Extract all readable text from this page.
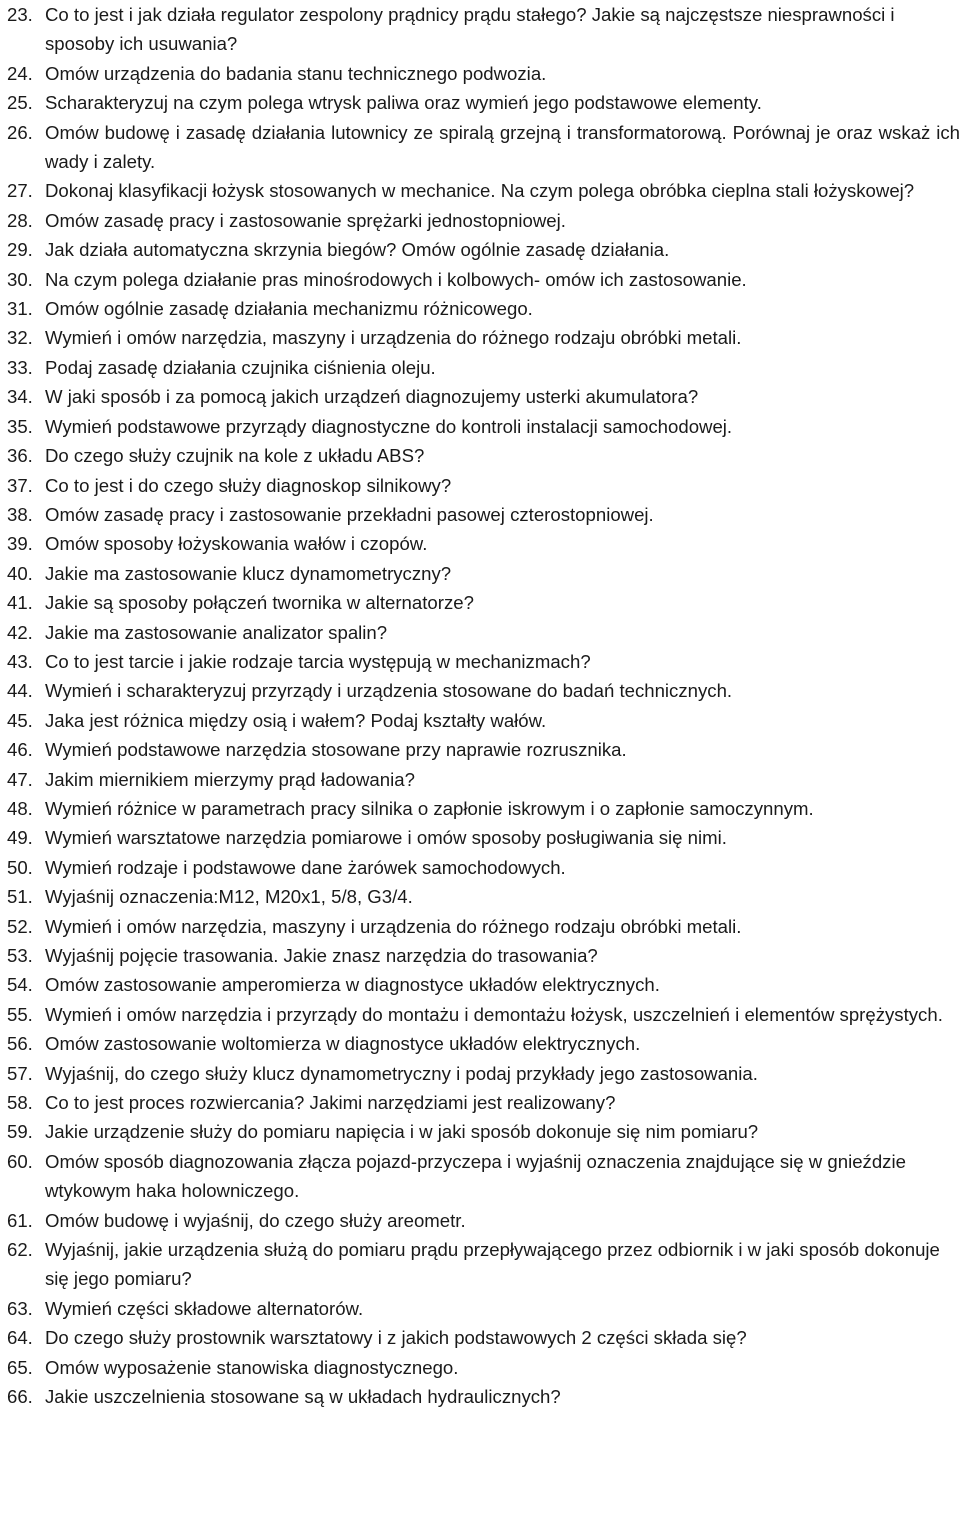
23. Co to jest i jak działa regulator zespolony prądnicy prądu stałego? Jakie są najczęstsze niesprawności i sposoby ich usuwania?
24. Omów urządzenia do badania stanu technicznego podwozia.
25. Scharakteryzuj na czym polega wtrysk paliwa oraz wymień jego podstawowe elementy.
26. Omów budowę i zasadę działania lutownicy ze spiralą grzejną i transformatorową. Porównaj je oraz wskaż ich wady i zalety.
27. Dokonaj klasyfikacji łożysk stosowanych w mechanice. Na czym polega obróbka cieplna stali łożyskowej?
28. Omów zasadę pracy i zastosowanie sprężarki jednostopniowej.
29. Jak działa automatyczna skrzynia biegów? Omów ogólnie zasadę działania.
30. Na czym polega działanie pras minośrodowych i kolbowych- omów ich zastosowanie.
31. Omów ogólnie zasadę działania mechanizmu różnicowego.
32. Wymień i omów narzędzia, maszyny i urządzenia do różnego rodzaju obróbki metali.
33. Podaj zasadę działania czujnika ciśnienia oleju.
34. W jaki sposób i za pomocą jakich urządzeń diagnozujemy usterki akumulatora?
35. Wymień podstawowe przyrządy diagnostyczne do kontroli instalacji samochodowej.
36. Do czego służy czujnik na kole z układu ABS?
37. Co to jest i do czego służy diagnoskop silnikowy?
38. Omów zasadę pracy i zastosowanie przekładni pasowej czterostopniowej.
39. Omów sposoby łożyskowania wałów i czopów.
40. Jakie ma zastosowanie klucz dynamometryczny?
41. Jakie są sposoby połączeń twornika w alternatorze?
42. Jakie ma zastosowanie analizator spalin?
43. Co to jest tarcie i jakie rodzaje tarcia występują w mechanizmach?
44. Wymień i scharakteryzuj przyrządy i urządzenia stosowane do badań technicznych.
45. Jaka jest różnica między osią i wałem? Podaj kształty wałów.
46. Wymień podstawowe narzędzia stosowane przy naprawie rozrusznika.
47. Jakim miernikiem mierzymy prąd ładowania?
48. Wymień różnice w parametrach pracy silnika o zapłonie iskrowym i o zapłonie samoczynnym.
49. Wymień warsztatowe narzędzia pomiarowe i omów sposoby posługiwania się nimi.
50. Wymień rodzaje i podstawowe dane żarówek samochodowych.
51. Wyjaśnij oznaczenia:M12, M20x1, 5/8, G3/4.
52. Wymień i omów narzędzia, maszyny i urządzenia do różnego rodzaju obróbki metali.
53. Wyjaśnij pojęcie trasowania. Jakie znasz narzędzia do trasowania?
54. Omów zastosowanie amperomierza w diagnostyce układów elektrycznych.
55. Wymień i omów narzędzia i przyrządy do montażu i demontażu łożysk, uszczelnień i elementów sprężystych.
56. Omów zastosowanie woltomierza w diagnostyce układów elektrycznych.
57. Wyjaśnij, do czego służy klucz dynamometryczny i podaj przykłady jego zastosowania.
58. Co to jest proces rozwiercania? Jakimi narzędziami jest realizowany?
59. Jakie urządzenie służy do pomiaru napięcia i w jaki sposób dokonuje się nim pomiaru?
60. Omów sposób diagnozowania złącza pojazd-przyczepa i wyjaśnij oznaczenia znajdujące się w gnieździe wtykowym haka holowniczego.
61. Omów budowę i wyjaśnij, do czego służy areometr.
62. Wyjaśnij, jakie urządzenia służą do pomiaru prądu przepływającego przez odbiornik i w jaki sposób dokonuje się jego pomiaru?
63. Wymień części składowe alternatorów.
64. Do czego służy prostownik warsztatowy i z jakich podstawowych 2 części składa się?
65. Omów wyposażenie stanowiska diagnostycznego.
66. Jakie uszczelnienia stosowane są w układach hydraulicznych?
